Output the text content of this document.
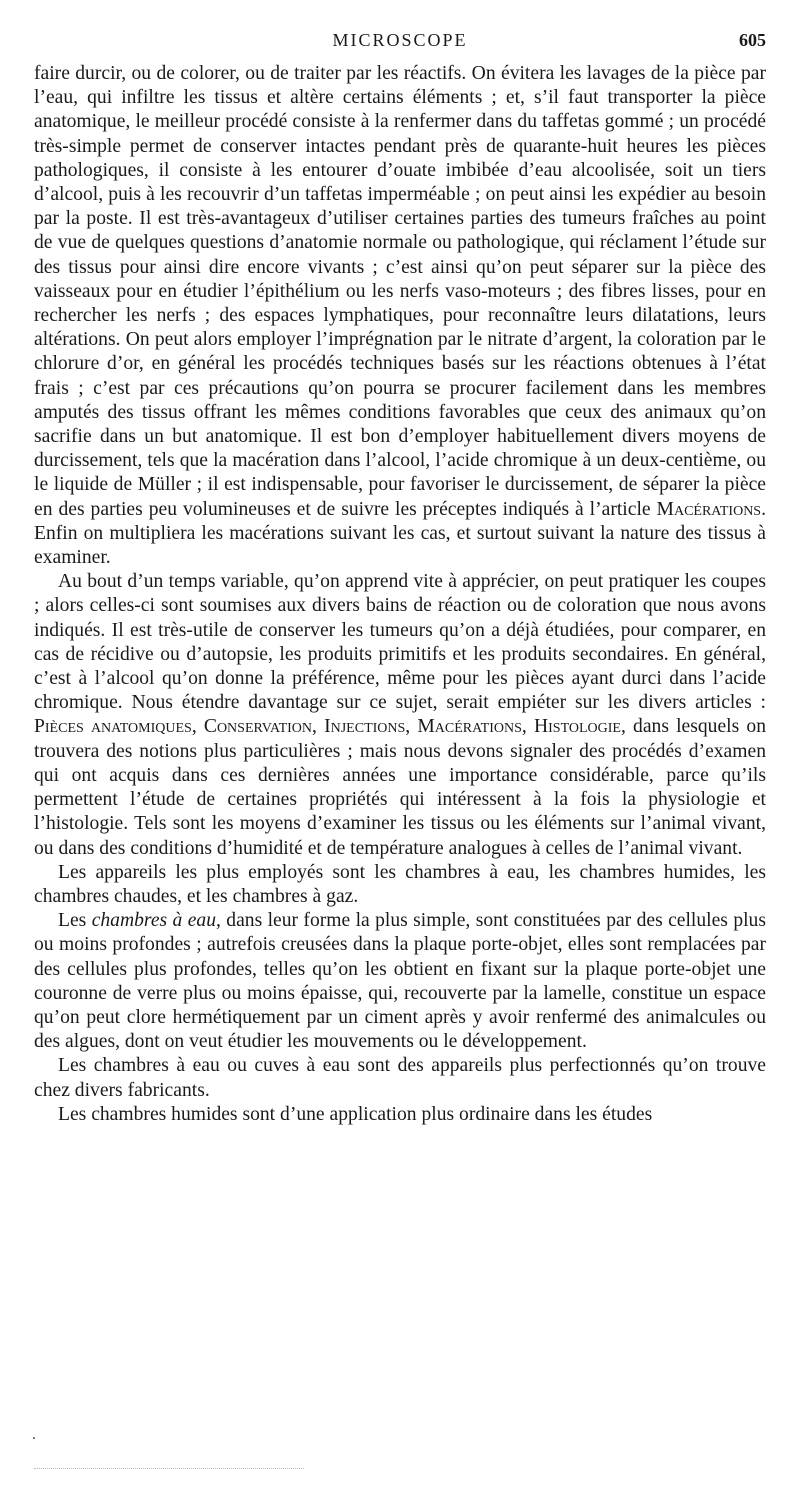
MICROSCOPE	605

faire durcir, ou de colorer, ou de traiter par les réactifs. On évitera les lavages de la pièce par l’eau, qui infiltre les tissus et altère certains éléments ; et, s’il faut transporter la pièce anatomique, le meilleur procédé consiste à la renfermer dans du taffetas gommé ; un procédé très-simple permet de conserver intactes pendant près de quarante-huit heures les pièces pathologiques, il consiste à les entourer d’ouate imbibée d’eau alcoolisée, soit un tiers d’alcool, puis à les recouvrir d’un taffetas imperméable ; on peut ainsi les expédier au besoin par la poste. Il est très-avantageux d’utiliser certaines parties des tumeurs fraîches au point de vue de quelques questions d’anatomie normale ou pathologique, qui réclament l’étude sur des tissus pour ainsi dire encore vivants ; c’est ainsi qu’on peut séparer sur la pièce des vaisseaux pour en étudier l’épithélium ou les nerfs vaso-moteurs ; des fibres lisses, pour en rechercher les nerfs ; des espaces lymphatiques, pour reconnaître leurs dilatations, leurs altérations. On peut alors employer l’imprégnation par le nitrate d’argent, la coloration par le chlorure d’or, en général les procédés techniques basés sur les réactions obtenues à l’état frais ; c’est par ces précautions qu’on pourra se procurer facilement dans les membres amputés des tissus offrant les mêmes conditions favorables que ceux des animaux qu’on sacrifie dans un but anatomique. Il est bon d’employer habituellement divers moyens de durcissement, tels que la macération dans l’alcool, l’acide chromique à un deux-centième, ou le liquide de Müller ; il est indispensable, pour favoriser le durcissement, de séparer la pièce en des parties peu volumineuses et de suivre les préceptes indiqués à l’article Macérations. Enfin on multipliera les macérations suivant les cas, et surtout suivant la nature des tissus à examiner.

Au bout d’un temps variable, qu’on apprend vite à apprécier, on peut pratiquer les coupes ; alors celles-ci sont soumises aux divers bains de réaction ou de coloration que nous avons indiqués. Il est très-utile de conserver les tumeurs qu’on a déjà étudiées, pour comparer, en cas de récidive ou d’autopsie, les produits primitifs et les produits secondaires. En général, c’est à l’alcool qu’on donne la préférence, même pour les pièces ayant durci dans l’acide chromique. Nous étendre davantage sur ce sujet, serait empiéter sur les divers articles : Pièces anatomiques, Conservation, Injections, Macérations, Histologie, dans lesquels on trouvera des notions plus particulières ; mais nous devons signaler des procédés d’examen qui ont acquis dans ces dernières années une importance considérable, parce qu’ils permettent l’étude de certaines propriétés qui intéressent à la fois la physiologie et l’histologie. Tels sont les moyens d’examiner les tissus ou les éléments sur l’animal vivant, ou dans des conditions d’humidité et de température analogues à celles de l’animal vivant.

Les appareils les plus employés sont les chambres à eau, les chambres humides, les chambres chaudes, et les chambres à gaz.

Les chambres à eau, dans leur forme la plus simple, sont constituées par des cellules plus ou moins profondes ; autrefois creusées dans la plaque porte-objet, elles sont remplacées par des cellules plus profondes, telles qu’on les obtient en fixant sur la plaque porte-objet une couronne de verre plus ou moins épaisse, qui, recouverte par la lamelle, constitue un espace qu’on peut clore hermétiquement par un ciment après y avoir renfermé des animalcules ou des algues, dont on veut étudier les mouvements ou le développement.

Les chambres à eau ou cuves à eau sont des appareils plus perfectionnés qu’on trouve chez divers fabricants.

Les chambres humides sont d’une application plus ordinaire dans les études
